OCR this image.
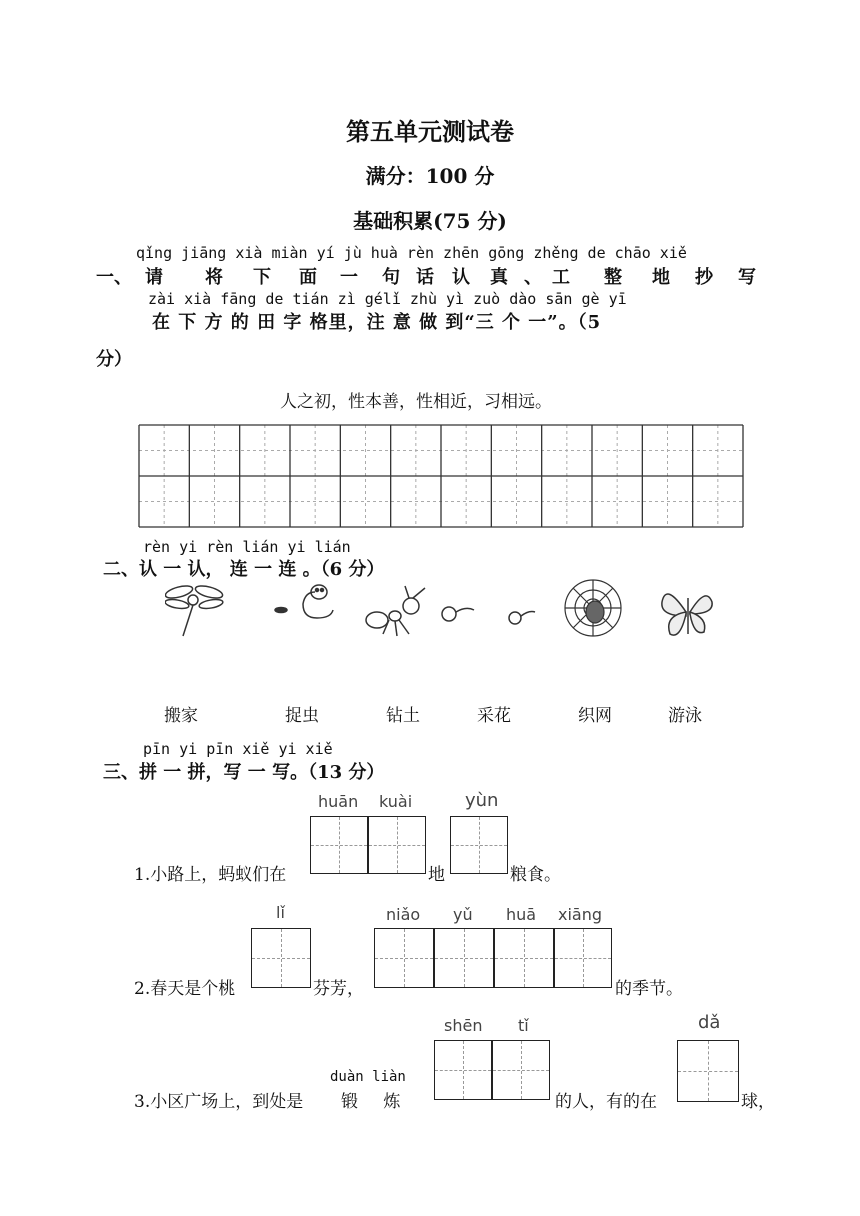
第五单元测试卷
满分：100 分
基础积累(75 分)
qǐng jiāng xià miàn yí jù huà rèn zhēn gōng zhěng de chāo xiě
一、 请 将 下 面 一 句 话 认 真 、 工 整 地 抄 写
zài xià fāng de tián zì gélǐ zhù yì zuò dào sān gè yī
在 下 方 的 田 字 格里，注 意 做 到“三 个 一”。（5
分）
人之初，性本善，性相近，习相远。
rèn yi rèn lián yi lián
二、认 一 认， 连 一 连 。（6 分）
搬家	捉虫	钻土	采花	织网	游泳
pīn yi pīn xiě yi xiě
三、拼 一 拼，写 一 写。（13 分）
huān kuài	yùn
1.小路上，蚂蚁们在	地	粮食。
lǐ	niǎo yǔ huā xiāng
2.春天是个桃	芬芳，	的季节。
shēn tǐ	dǎ
duàn liàn
3.小区广场上，到处是 锻 炼	的人，有的在	球，
